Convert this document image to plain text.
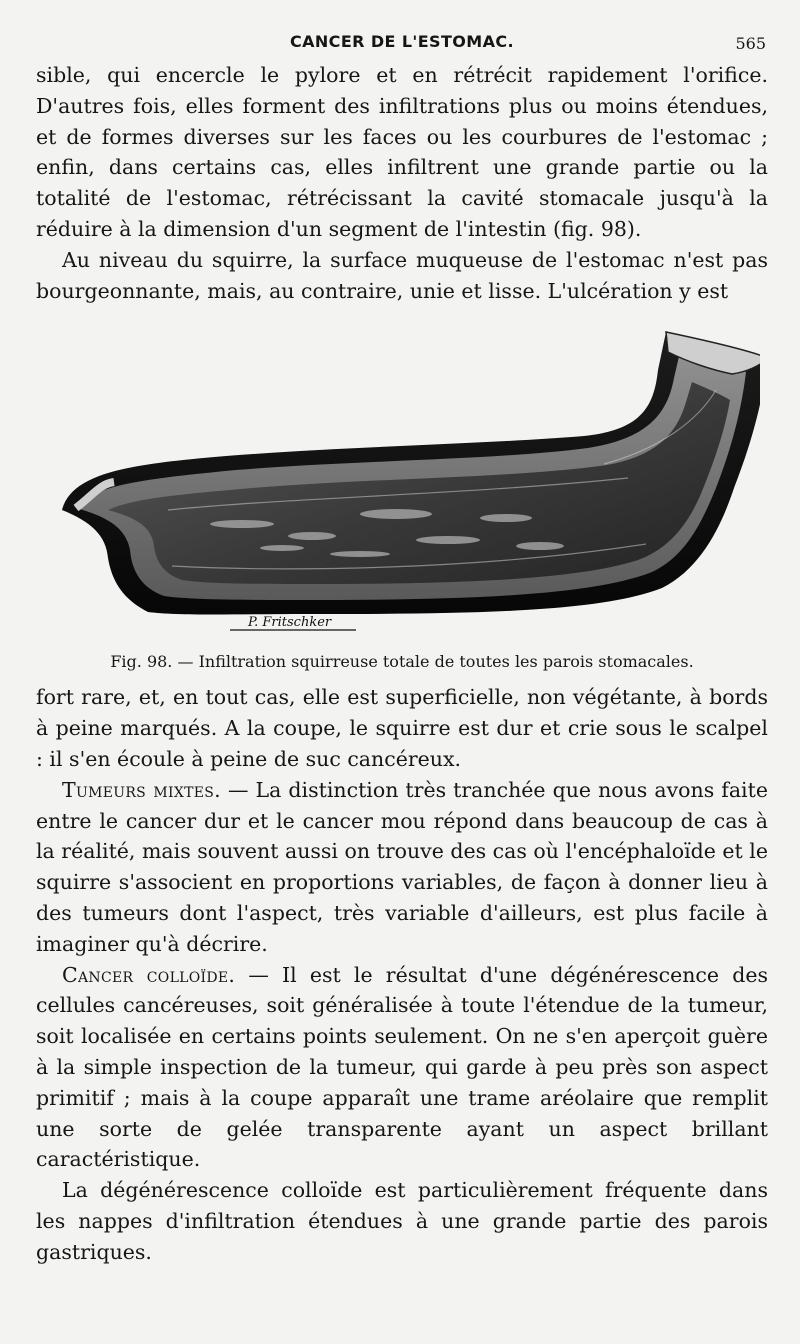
CANCER DE L'ESTOMAC.	565

sible, qui encercle le pylore et en rétrécit rapidement l'orifice. D'autres fois, elles forment des infiltrations plus ou moins étendues, et de formes diverses sur les faces ou les courbures de l'estomac ; enfin, dans certains cas, elles infiltrent une grande partie ou la totalité de l'estomac, rétrécissant la cavité stomacale jusqu'à la réduire à la dimension d'un segment de l'intestin (fig. 98).

Au niveau du squirre, la surface muqueuse de l'estomac n'est pas bourgeonnante, mais, au contraire, unie et lisse. L'ulcération y est

P. Fritschker
Fig. 98. — Infiltration squirreuse totale de toutes les parois stomacales.

fort rare, et, en tout cas, elle est superficielle, non végétante, à bords à peine marqués. A la coupe, le squirre est dur et crie sous le scalpel : il s'en écoule à peine de suc cancéreux.

Tumeurs mixtes. — La distinction très tranchée que nous avons faite entre le cancer dur et le cancer mou répond dans beaucoup de cas à la réalité, mais souvent aussi on trouve des cas où l'encéphaloïde et le squirre s'associent en proportions variables, de façon à donner lieu à des tumeurs dont l'aspect, très variable d'ailleurs, est plus facile à imaginer qu'à décrire.

Cancer colloïde. — Il est le résultat d'une dégénérescence des cellules cancéreuses, soit généralisée à toute l'étendue de la tumeur, soit localisée en certains points seulement. On ne s'en aperçoit guère à la simple inspection de la tumeur, qui garde à peu près son aspect primitif ; mais à la coupe apparaît une trame aréolaire que remplit une sorte de gelée transparente ayant un aspect brillant caractéristique.

La dégénérescence colloïde est particulièrement fréquente dans les nappes d'infiltration étendues à une grande partie des parois gastriques.
